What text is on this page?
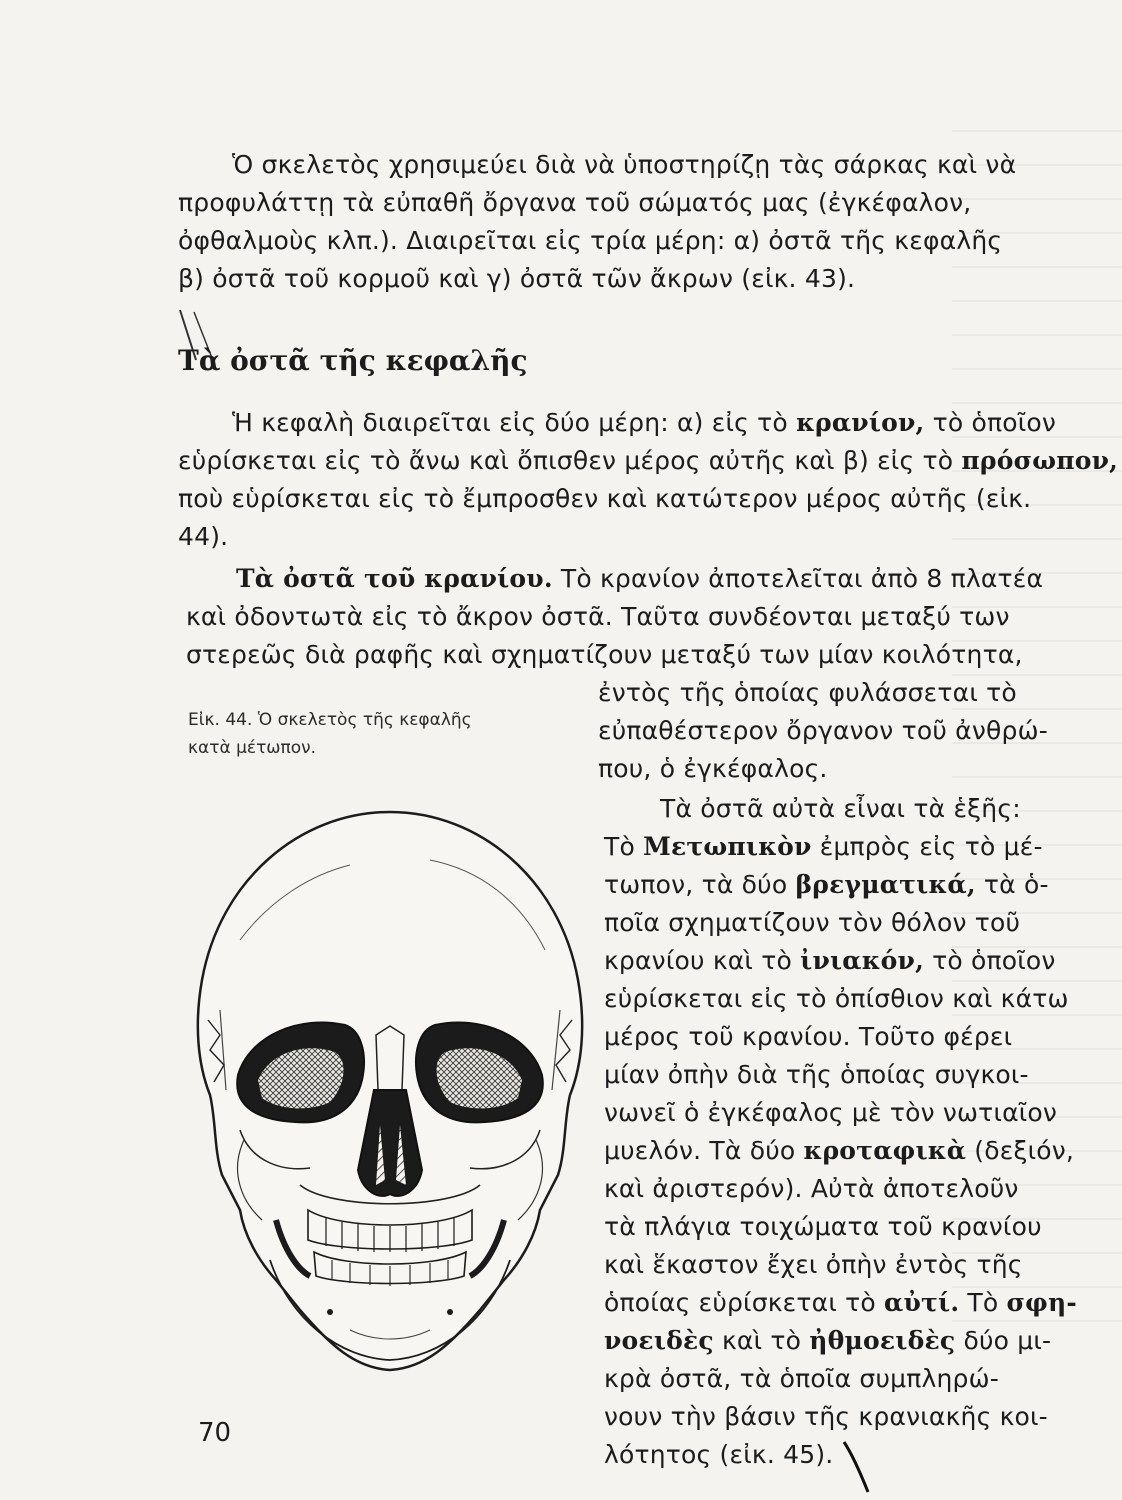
Ὁ σκελετὸς χρησιμεύει διὰ νὰ ὑποστηρίζῃ τὰς σάρκας καὶ νὰ
προφυλάττῃ τὰ εὐπαθῆ ὄργανα τοῦ σώματός μας (ἐγκέφαλον,
ὀφθαλμοὺς κλπ.). Διαιρεῖται εἰς τρία μέρη: α) ὀστᾶ τῆς κεφαλῆς
β) ὀστᾶ τοῦ κορμοῦ καὶ γ) ὀστᾶ τῶν ἄκρων (εἰκ. 43).
Τὰ ὀστᾶ τῆς κεφαλῆς
Ἡ κεφαλὴ διαιρεῖται εἰς δύο μέρη: α) εἰς τὸ κρανίον, τὸ ὁποῖον
εὑρίσκεται εἰς τὸ ἄνω καὶ ὄπισθεν μέρος αὐτῆς καὶ β) εἰς τὸ πρόσωπον,
ποὺ εὑρίσκεται εἰς τὸ ἔμπροσθεν καὶ κατώτερον μέρος αὐτῆς (εἰκ.
44).
Τὰ ὀστᾶ τοῦ κρανίου. Τὸ κρανίον ἀποτελεῖται ἀπὸ 8 πλατέα
καὶ ὀδοντωτὰ εἰς τὸ ἄκρον ὀστᾶ. Ταῦτα συνδέονται μεταξύ των
στερεῶς διὰ ραφῆς καὶ σχηματίζουν μεταξύ των μίαν κοιλότητα,
ἐντὸς τῆς ὁποίας φυλάσσεται τὸ
εὐπαθέστερον ὄργανον τοῦ ἀνθρώ-
που, ὁ ἐγκέφαλος.
Εἰκ. 44. Ὁ σκελετὸς τῆς κεφαλῆς
κατὰ μέτωπον.
Τὰ ὀστᾶ αὐτὰ εἶναι τὰ ἑξῆς:
Τὸ Μετωπικὸν ἐμπρὸς εἰς τὸ μέ-
τωπον, τὰ δύο βρεγματικά, τὰ ὁ-
ποῖα σχηματίζουν τὸν θόλον τοῦ
κρανίου καὶ τὸ ἰνιακόν, τὸ ὁποῖον
εὑρίσκεται εἰς τὸ ὀπίσθιον καὶ κάτω
μέρος τοῦ κρανίου. Τοῦτο φέρει
μίαν ὀπὴν διὰ τῆς ὁποίας συγκοι-
νωνεῖ ὁ ἐγκέφαλος μὲ τὸν νωτιαῖον
μυελόν. Τὰ δύο κροταφικὰ (δεξιόν,
καὶ ἀριστερόν). Αὐτὰ ἀποτελοῦν
τὰ πλάγια τοιχώματα τοῦ κρανίου
καὶ ἕκαστον ἔχει ὀπὴν ἐντὸς τῆς
ὁποίας εὑρίσκεται τὸ αὐτί. Τὸ σφη-
νοειδὲς καὶ τὸ ἠθμοειδὲς δύο μι-
κρὰ ὀστᾶ, τὰ ὁποῖα συμπληρώ-
νουν τὴν βάσιν τῆς κρανιακῆς κοι-
λότητος (εἰκ. 45).
70
